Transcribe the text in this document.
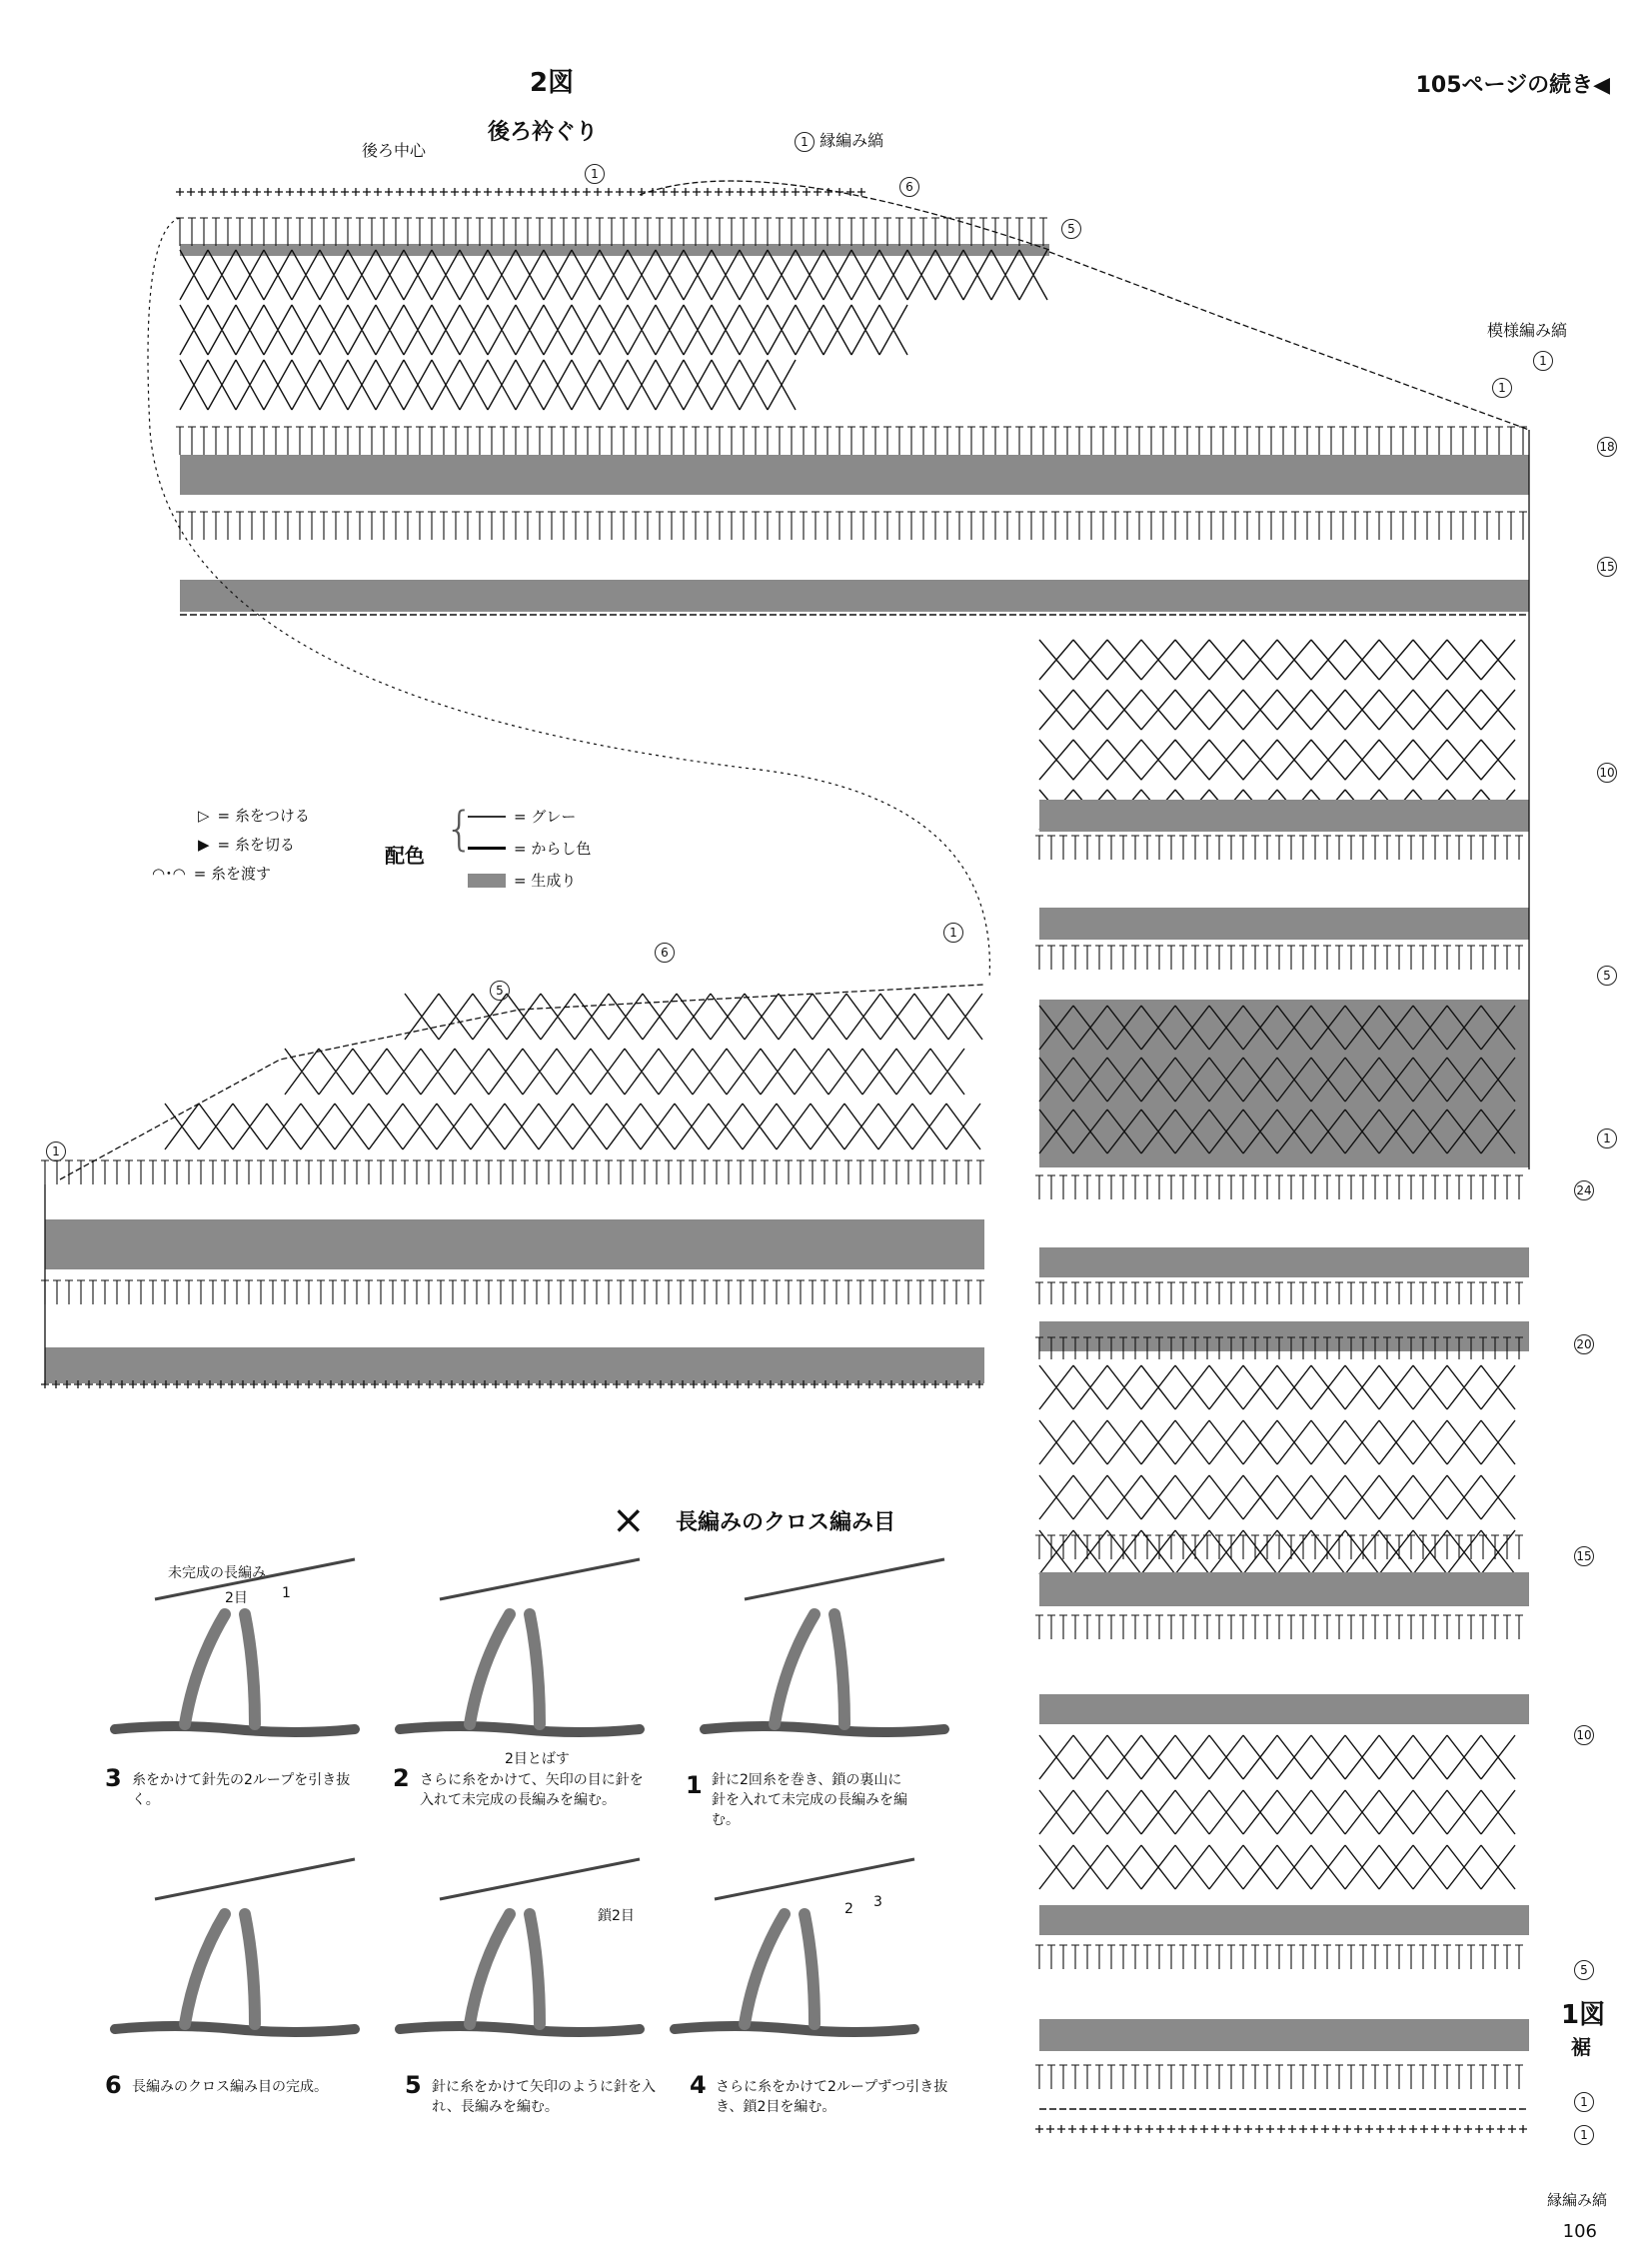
105ページの続き◀
2図
後ろ衿ぐり
後ろ中心	1 縁編み縞
模様編み縞
1
6
5
1
1
18
15
10
5
1
24
20
15
10
5
1
1
1
5
6
1
▷ = 糸をつける
▶ = 糸を切る
◠･◠ = 糸を渡す
配色 {	= グレー
= からし色
= 生成り
⨯ 長編みのクロス編み目
未完成の長編み
2目 1
2目とばす
鎖2目	2 3
3 糸をかけて針先の2ループを引き抜く。
2 さらに糸をかけて、矢印の目に針を入れて未完成の長編みを編む。
1 針に2回糸を巻き、鎖の裏山に針を入れて未完成の長編みを編む。
6 長編みのクロス編み目の完成。	5 針に糸をかけて矢印のように針を入れ、長編みを編む。
4 さらに糸をかけて2ループずつ引き抜き、鎖2目を編む。
1図
裾
縁編み縞
106
